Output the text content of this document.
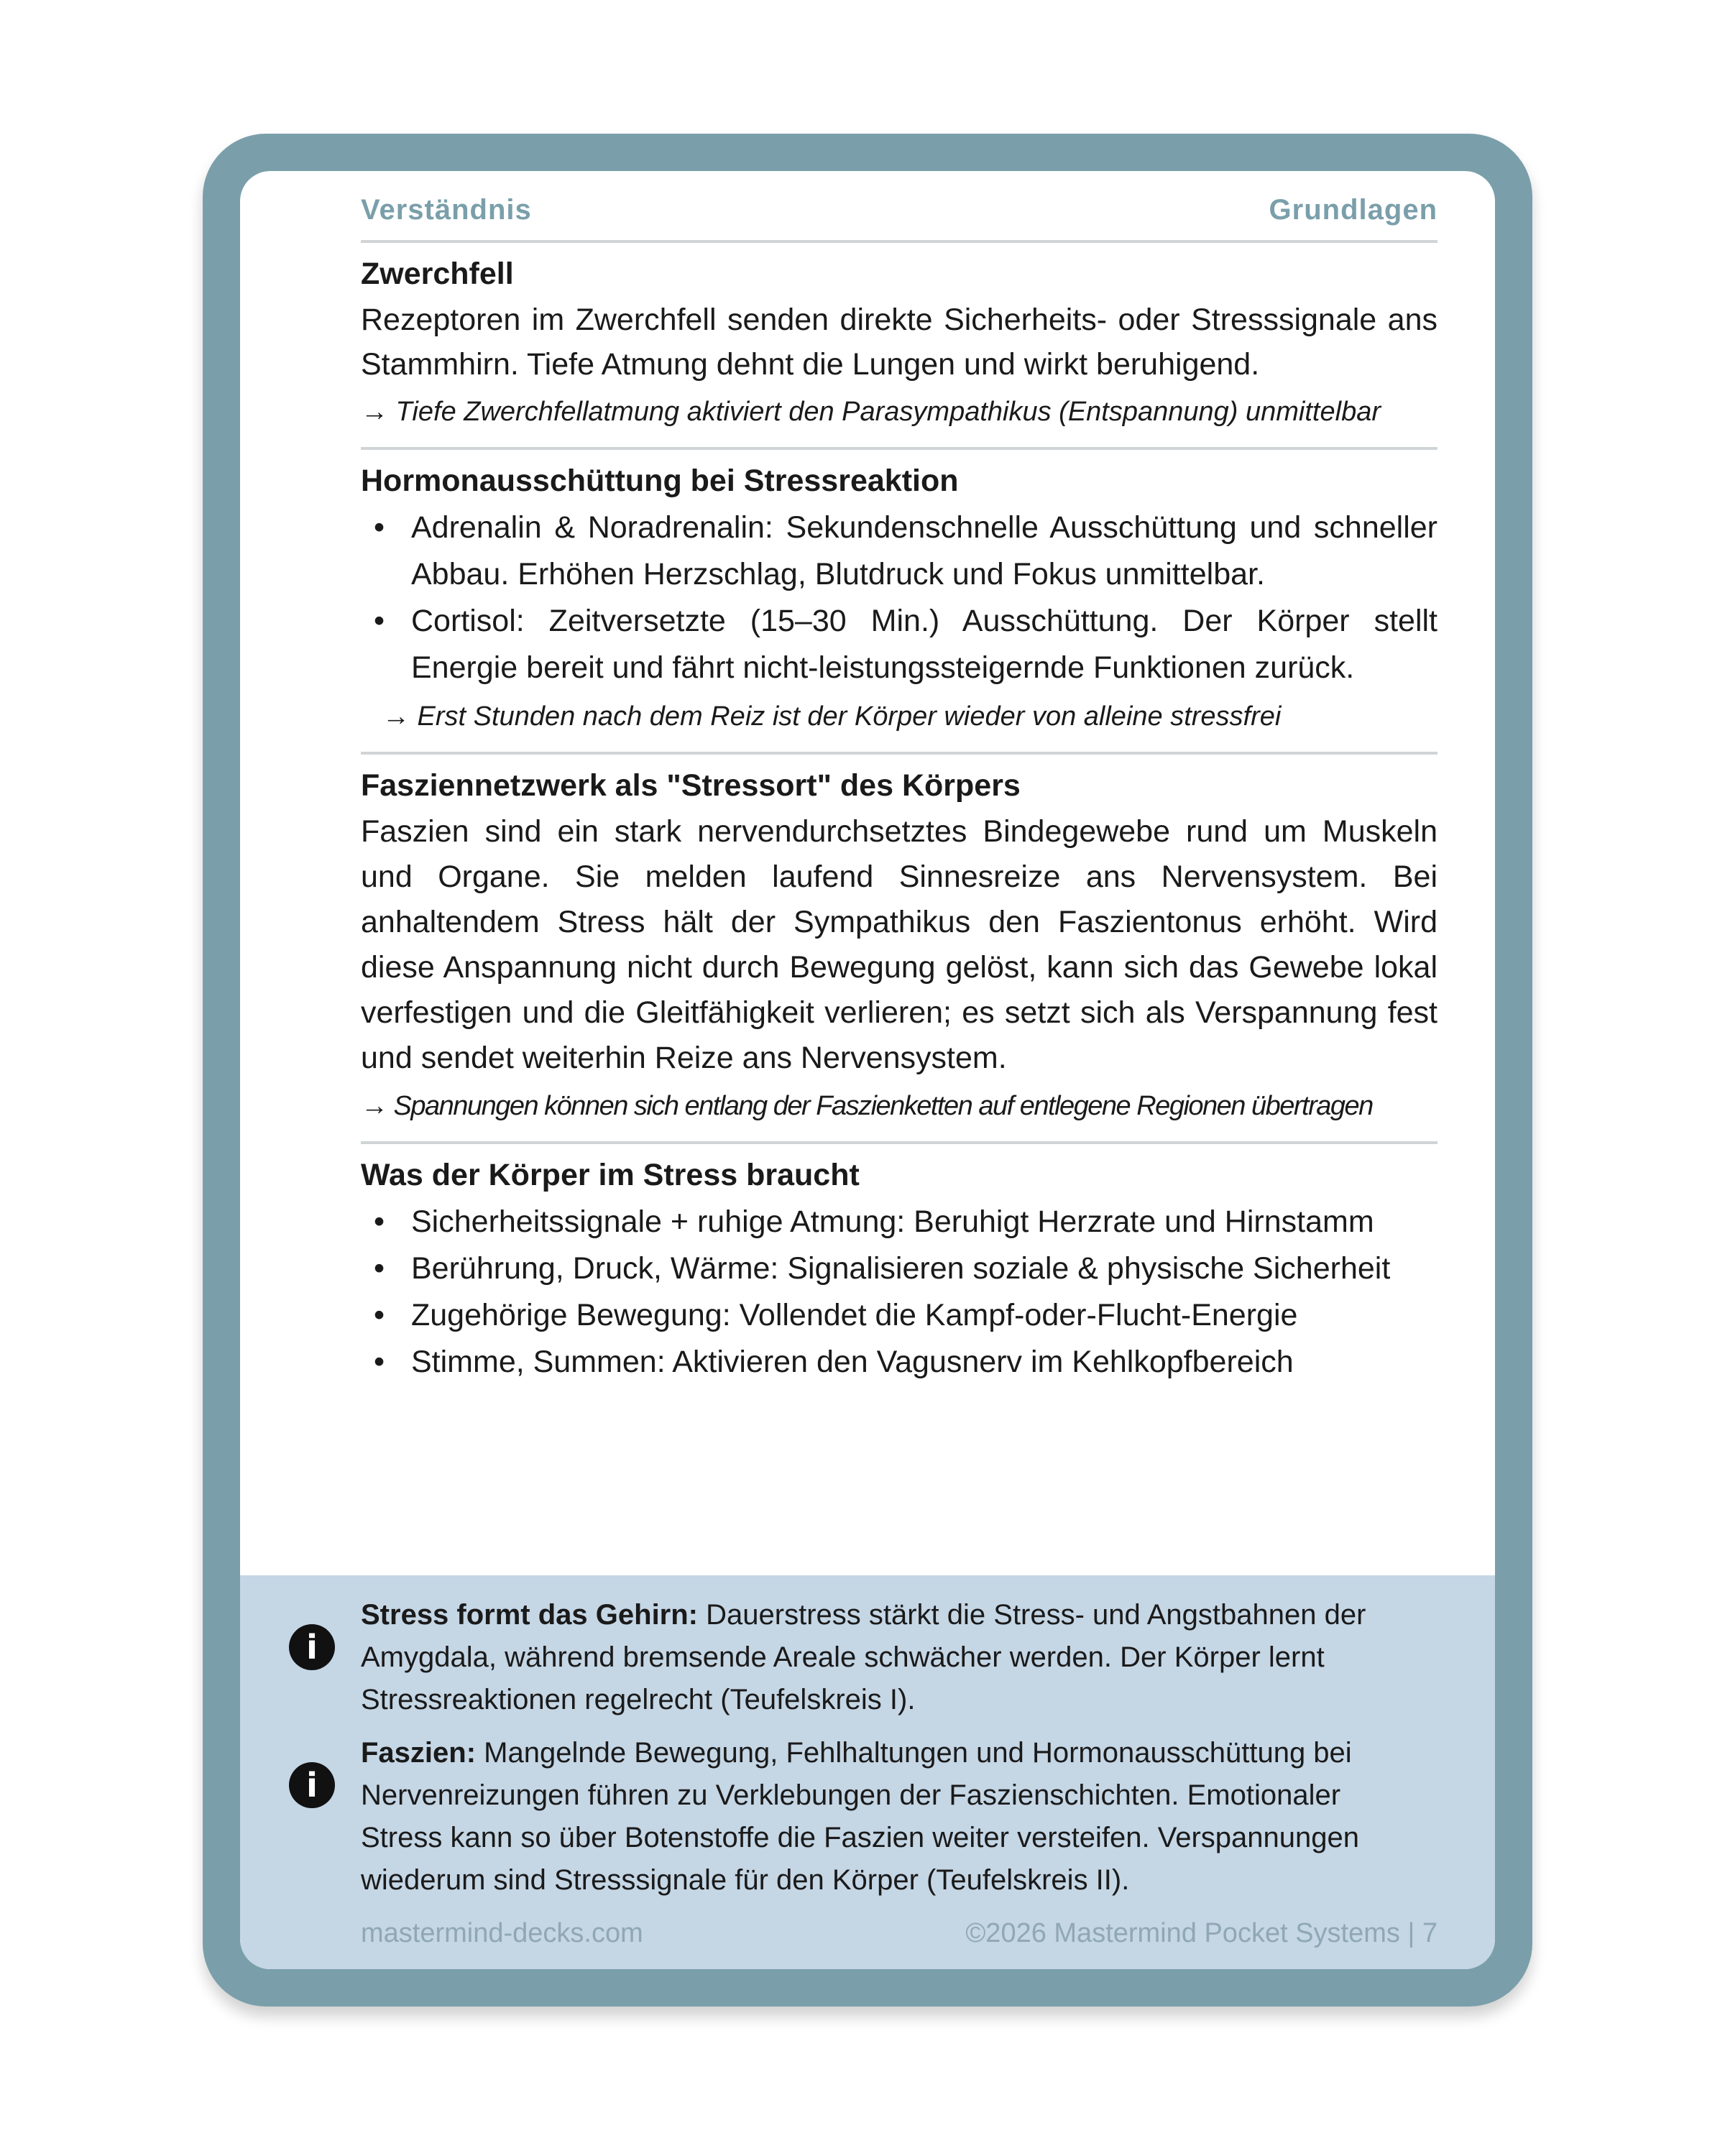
Verständnis	Grundlagen
Zwerchfell
Rezeptoren im Zwerchfell senden direkte Sicherheits- oder Stresssignale ans Stammhirn. Tiefe Atmung dehnt die Lungen und wirkt beruhigend.
→ Tiefe Zwerchfellatmung aktiviert den Parasympathikus (Entspannung) unmittelbar
Hormonausschüttung bei Stressreaktion
• Adrenalin & Noradrenalin: Sekundenschnelle Ausschüttung und schneller Abbau. Erhöhen Herzschlag, Blutdruck und Fokus unmittelbar.
• Cortisol: Zeitversetzte (15–30 Min.) Ausschüttung. Der Körper stellt Energie bereit und fährt nicht-leistungssteigernde Funktionen zurück.
→ Erst Stunden nach dem Reiz ist der Körper wieder von alleine stressfrei
Fasziennetzwerk als "Stressort" des Körpers
Faszien sind ein stark nervendurchsetztes Bindegewebe rund um Muskeln und Organe. Sie melden laufend Sinnesreize ans Nervensystem. Bei anhaltendem Stress hält der Sympathikus den Faszientonus erhöht. Wird diese Anspannung nicht durch Bewegung gelöst, kann sich das Gewebe lokal verfestigen und die Gleitfähigkeit verlieren; es setzt sich als Verspannung fest und sendet weiterhin Reize ans Nervensystem.
→ Spannungen können sich entlang der Faszienketten auf entlegene Regionen übertragen
Was der Körper im Stress braucht
• Sicherheitssignale + ruhige Atmung: Beruhigt Herzrate und Hirnstamm
• Berührung, Druck, Wärme: Signalisieren soziale & physische Sicherheit
• Zugehörige Bewegung: Vollendet die Kampf-oder-Flucht-Energie
• Stimme, Summen: Aktivieren den Vagusnerv im Kehlkopfbereich
i
Stress formt das Gehirn: Dauerstress stärkt die Stress- und Angstbahnen der Amygdala, während bremsende Areale schwächer werden. Der Körper lernt Stressreaktionen regelrecht (Teufelskreis I).
i
Faszien: Mangelnde Bewegung, Fehlhaltungen und Hormonausschüttung bei Nervenreizungen führen zu Verklebungen der Faszienschichten. Emotionaler Stress kann so über Botenstoffe die Faszien weiter versteifen. Verspannungen wiederum sind Stresssignale für den Körper (Teufelskreis II).
mastermind-decks.com	©2026 Mastermind Pocket Systems | 7
